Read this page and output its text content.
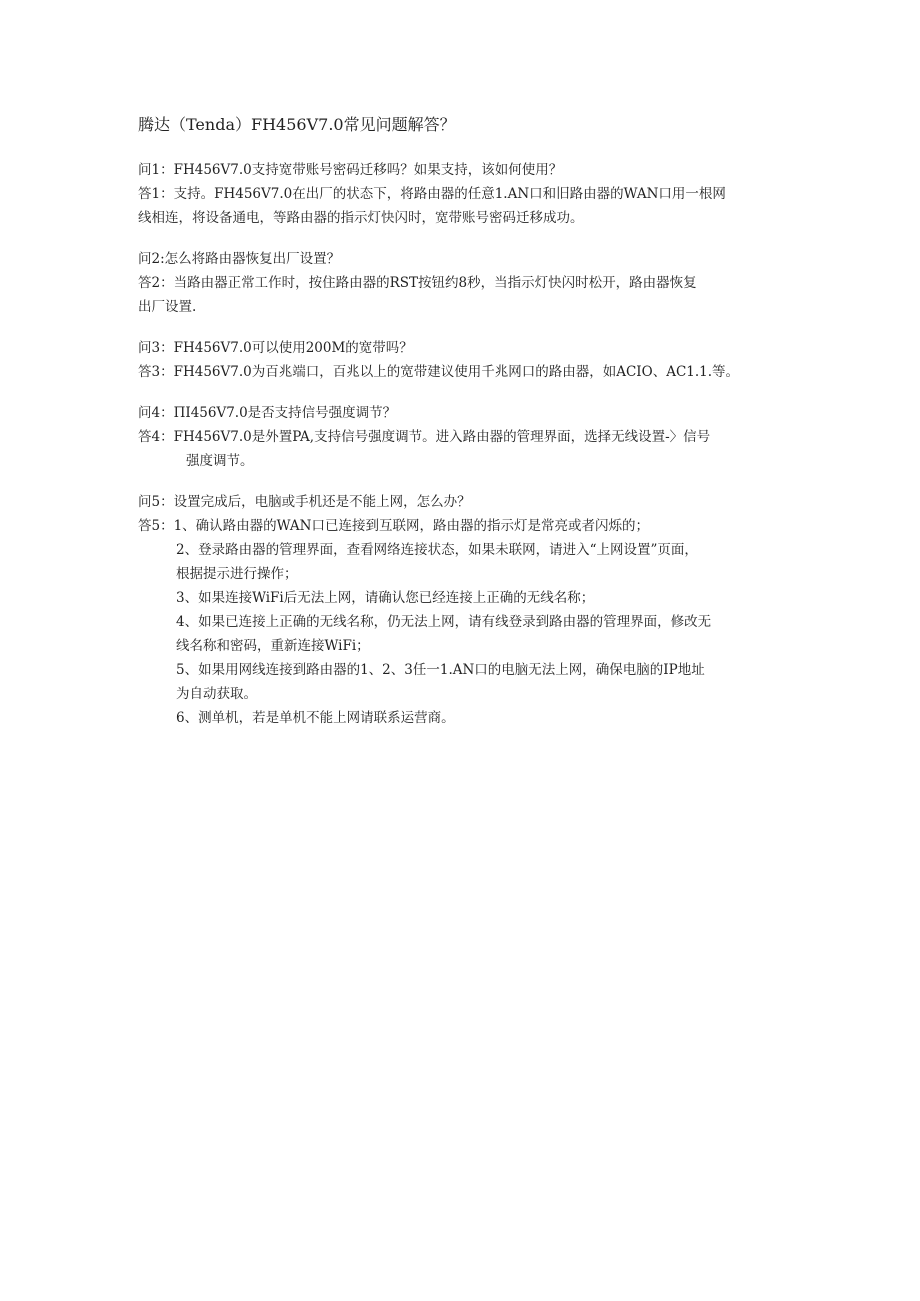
腾达（Tenda）FH456V7.0常见问题解答？

问1：FH456V7.0支持宽带账号密码迁移吗？如果支持，该如何使用？

答1：支持。FH456V7.0在出厂的状态下，将路由器的任意1.AN口和旧路由器的WAN口用一根网

线相连，将设备通电，等路由器的指示灯快闪时，宽带账号密码迁移成功。

问2:怎么将路由器恢复出厂设置？

答2：当路由器正常工作时，按住路由器的RST按钮约8秒，当指示灯快闪时松开，路由器恢复

出厂设置.

问3：FH456V7.0可以使用200M的宽带吗？

答3：FH456V7.0为百兆端口，百兆以上的宽带建议使用千兆网口的路由器，如ACIO、AC1.1.等。

问4：ΠI456V7.0是否支持信号强度调节？

答4：FH456V7.0是外置PA,支持信号强度调节。进入路由器的管理界面，选择无线设置-〉信号

强度调节。

问5：设置完成后，电脑或手机还是不能上网，怎么办？

答5：1、确认路由器的WAN口已连接到互联网，路由器的指示灯是常亮或者闪烁的；

2、登录路由器的管理界面，查看网络连接状态，如果未联网，请进入“上网设置”页面，

根据提示进行操作；

3、如果连接WiFi后无法上网，请确认您已经连接上正确的无线名称；

4、如果已连接上正确的无线名称，仍无法上网，请有线登录到路由器的管理界面，修改无

线名称和密码，重新连接WiFi；

5、如果用网线连接到路由器的1、2、3任一1.AN口的电脑无法上网，确保电脑的IP地址

为自动获取。

6、测单机，若是单机不能上网请联系运营商。
